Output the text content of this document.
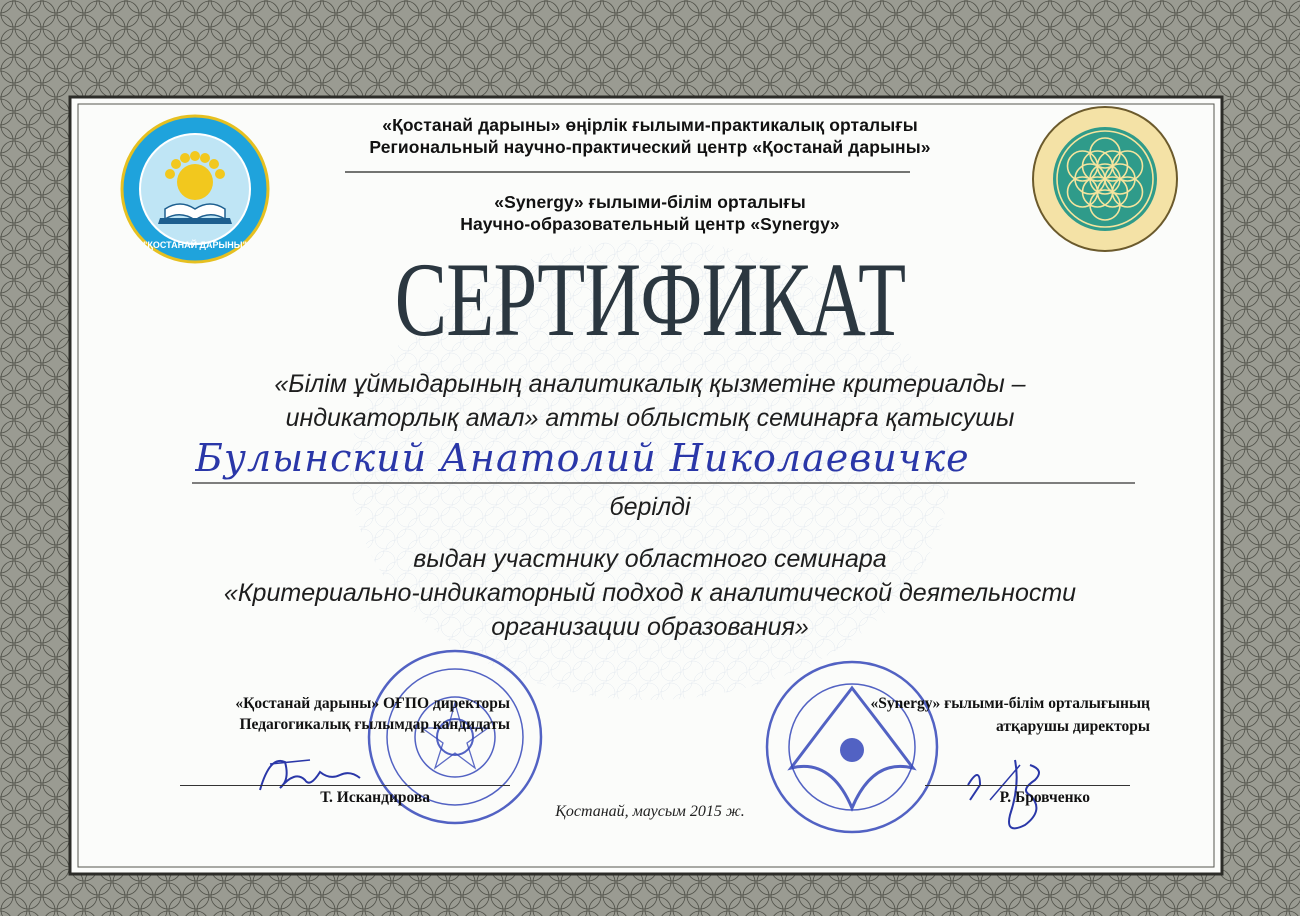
"ҚОСТАНАЙ ДАРЫНЫ"
«Қостанай дарыны» өңірлік ғылыми-практикалық орталығы
Региональный научно-практический центр «Қостанай дарыны»
«Synergy» ғылыми-білім орталығы
Научно-образовательный центр «Synergy»
СЕРТИФИКАТ
«Білім ұймыдарының аналитикалық қызметіне критериалды –
индикаторлық амал» атты облыстық семинарға қатысушы
Булынский Анатолий Николаевичке
берілді
выдан участнику областного семинара
«Критериально-индикаторный подход к аналитической деятельности
организации образования»
«Қостанай дарыны» ОҒПО директоры
Педагогикалық ғылымдар кандидаты
Т. Искандирова
Қостанай, маусым 2015 ж.
«Synergy» ғылыми-білім орталығының
атқарушы директоры
Р. Бровченко
